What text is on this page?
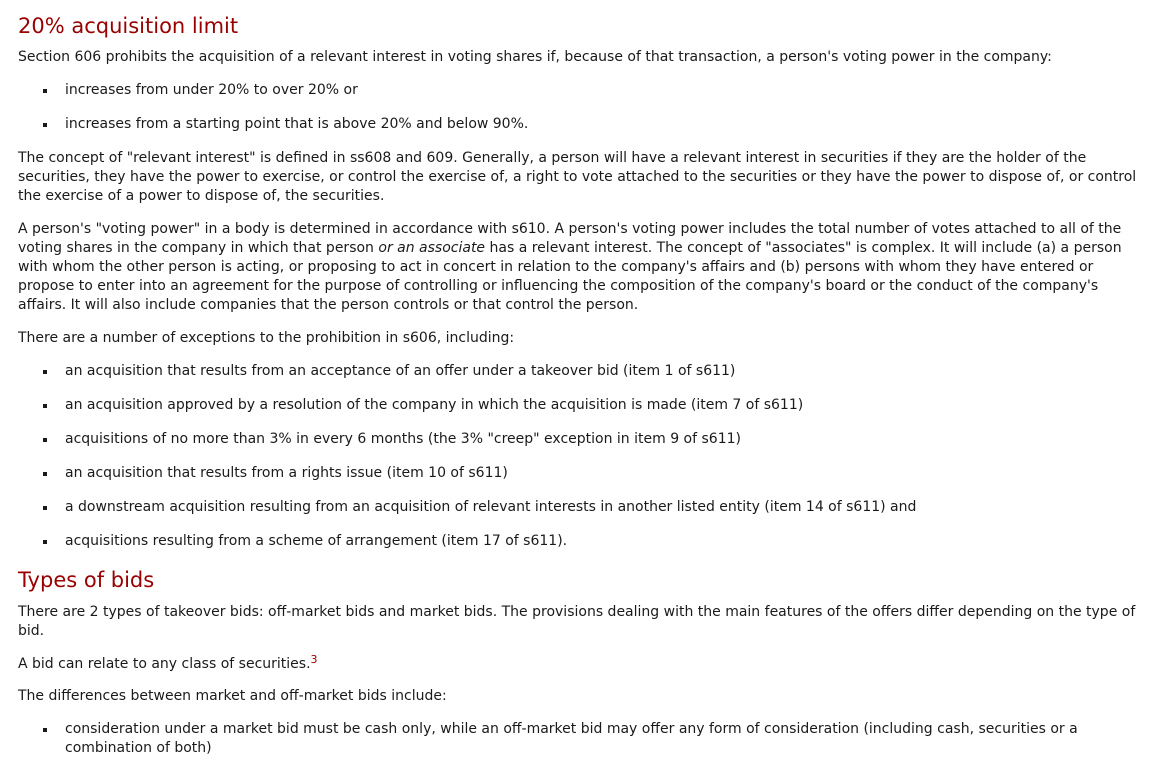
20% acquisition limit

Section 606 prohibits the acquisition of a relevant interest in voting shares if, because of that transaction, a person's voting power in the company:

increases from under 20% to over 20% or
increases from a starting point that is above 20% and below 90%.

The concept of "relevant interest" is defined in ss608 and 609. Generally, a person will have a relevant interest in securities if they are the holder of the securities, they have the power to exercise, or control the exercise of, a right to vote attached to the securities or they have the power to dispose of, or control the exercise of a power to dispose of, the securities.

A person's "voting power" in a body is determined in accordance with s610. A person's voting power includes the total number of votes attached to all of the voting shares in the company in which that person or an associate has a relevant interest. The concept of "associates" is complex. It will include (a) a person with whom the other person is acting, or proposing to act in concert in relation to the company's affairs and (b) persons with whom they have entered or propose to enter into an agreement for the purpose of controlling or influencing the composition of the company's board or the conduct of the company's affairs. It will also include companies that the person controls or that control the person.

There are a number of exceptions to the prohibition in s606, including:

an acquisition that results from an acceptance of an offer under a takeover bid (item 1 of s611)
an acquisition approved by a resolution of the company in which the acquisition is made (item 7 of s611)
acquisitions of no more than 3% in every 6 months (the 3% "creep" exception in item 9 of s611)
an acquisition that results from a rights issue (item 10 of s611)
a downstream acquisition resulting from an acquisition of relevant interests in another listed entity (item 14 of s611) and
acquisitions resulting from a scheme of arrangement (item 17 of s611).
Types of bids

There are 2 types of takeover bids: off-market bids and market bids. The provisions dealing with the main features of the offers differ depending on the type of bid.

A bid can relate to any class of securities.$^3$

The differences between market and off-market bids include:

consideration under a market bid must be cash only, while an off-market bid may offer any form of consideration (including cash, securities or a combination of both)
